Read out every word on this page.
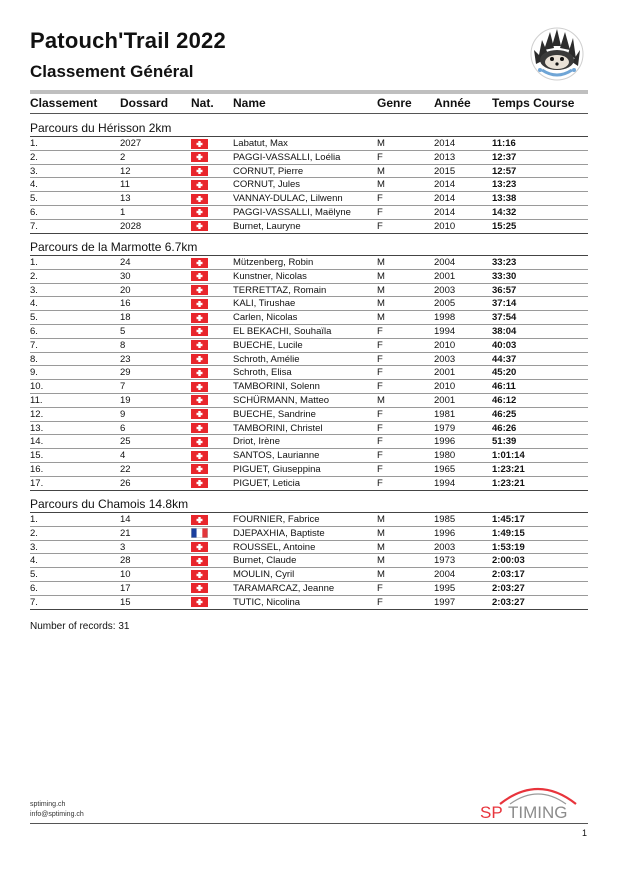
Patouch'Trail 2022
Classement Général
Classement Dossard Nat. Name	Genre Année Temps Course
Parcours du Hérisson 2km
1.	2027	Labatut, Max	M	2014	11:16
2.	2	PAGGI-VASSALLI, Loélia	F	2013	12:37
3.	12	CORNUT, Pierre	M	2015	12:57
4.	11	CORNUT, Jules	M	2014	13:23
5.	13	VANNAY-DULAC, Lilwenn	F	2014	13:38
6.	1	PAGGI-VASSALLI, Maëlyne	F	2014	14:32
7.	2028	Burnet, Lauryne	F	2010	15:25
Parcours de la Marmotte 6.7km
1.	24	Mützenberg, Robin	M	2004	33:23
2.	30	Kunstner, Nicolas	M	2001	33:30
3.	20	TERRETTAZ, Romain	M	2003	36:57
4.	16	KALI, Tirushae	M	2005	37:14
5.	18	Carlen, Nicolas	M	1998	37:54
6.	5	EL BEKACHI, Souhaïla	F	1994	38:04
7.	8	BUECHE, Lucile	F	2010	40:03
8.	23	Schroth, Amélie	F	2003	44:37
9.	29	Schroth, Elisa	F	2001	45:20
10.	7	TAMBORINI, Solenn	F	2010	46:11
11.	19	SCHÜRMANN, Matteo	M	2001	46:12
12.	9	BUECHE, Sandrine	F	1981	46:25
13.	6	TAMBORINI, Christel	F	1979	46:26
14.	25	Driot, Irène	F	1996	51:39
15.	4	SANTOS, Laurianne	F	1980	1:01:14
16.	22	PIGUET, Giuseppina	F	1965	1:23:21
17.	26	PIGUET, Leticia	F	1994	1:23:21
Parcours du Chamois 14.8km
1.	14	FOURNIER, Fabrice	M	1985	1:45:17
2.	21	DJEPAXHIA, Baptiste	M	1996	1:49:15
3.	3	ROUSSEL, Antoine	M	2003	1:53:19
4.	28	Burnet, Claude	M	1973	2:00:03
5.	10	MOULIN, Cyril	M	2004	2:03:17
6.	17	TARAMARCAZ, Jeanne	F	1995	2:03:27
7.	15	TUTIC, Nicolina	F	1997	2:03:27
Number of records: 31
sptiming.ch
info@sptiming.ch	SP TIMING
1
